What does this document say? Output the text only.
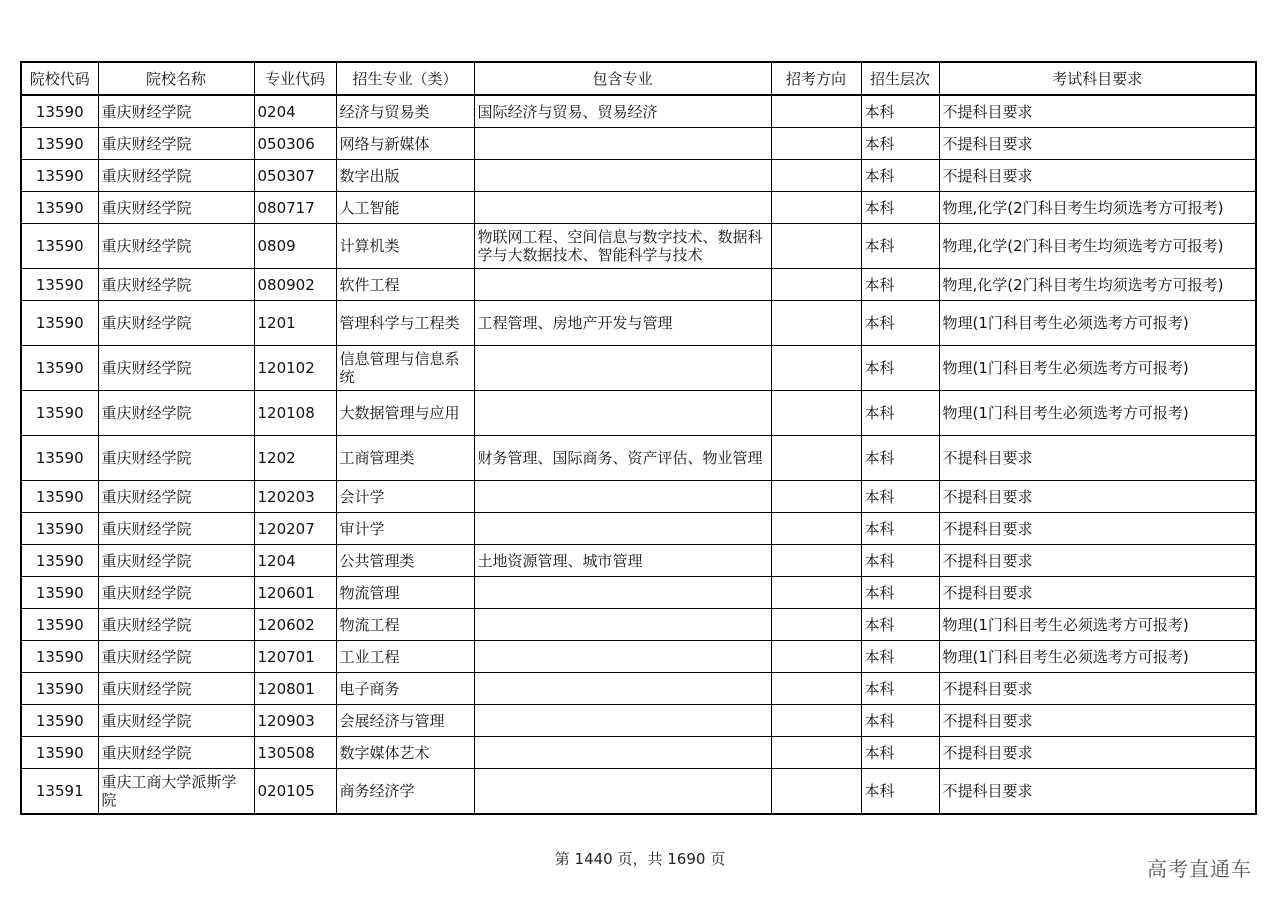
院校代码	院校名称	专业代码	招生专业（类）	包含专业	招考方向	招生层次	考试科目要求
13590	重庆财经学院	0204	经济与贸易类	国际经济与贸易、贸易经济		本科	不提科目要求
13590	重庆财经学院	050306	网络与新媒体			本科	不提科目要求
13590	重庆财经学院	050307	数字出版			本科	不提科目要求
13590	重庆财经学院	080717	人工智能			本科	物理,化学(2门科目考生均须选考方可报考)
13590	重庆财经学院	0809	计算机类	物联网工程、空间信息与数字技术、数据科学与大数据技术、智能科学与技术		本科	物理,化学(2门科目考生均须选考方可报考)
13590	重庆财经学院	080902	软件工程			本科	物理,化学(2门科目考生均须选考方可报考)
13590	重庆财经学院	1201	管理科学与工程类	工程管理、房地产开发与管理		本科	物理(1门科目考生必须选考方可报考)
13590	重庆财经学院	120102	信息管理与信息系统			本科	物理(1门科目考生必须选考方可报考)
13590	重庆财经学院	120108	大数据管理与应用			本科	物理(1门科目考生必须选考方可报考)
13590	重庆财经学院	1202	工商管理类	财务管理、国际商务、资产评估、物业管理		本科	不提科目要求
13590	重庆财经学院	120203	会计学			本科	不提科目要求
13590	重庆财经学院	120207	审计学			本科	不提科目要求
13590	重庆财经学院	1204	公共管理类	土地资源管理、城市管理		本科	不提科目要求
13590	重庆财经学院	120601	物流管理			本科	不提科目要求
13590	重庆财经学院	120602	物流工程			本科	物理(1门科目考生必须选考方可报考)
13590	重庆财经学院	120701	工业工程			本科	物理(1门科目考生必须选考方可报考)
13590	重庆财经学院	120801	电子商务			本科	不提科目要求
13590	重庆财经学院	120903	会展经济与管理			本科	不提科目要求
13590	重庆财经学院	130508	数字媒体艺术			本科	不提科目要求
13591	重庆工商大学派斯学院	020105	商务经济学			本科	不提科目要求
第 1440 页，共 1690 页	高考直通车
